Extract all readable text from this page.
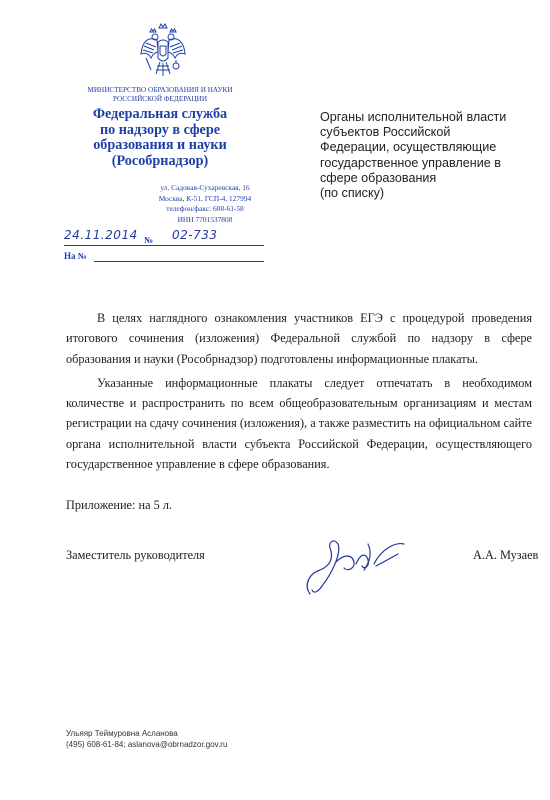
МИНИСТЕРСТВО ОБРАЗОВАНИЯ И НАУКИ
РОССИЙСКОЙ ФЕДЕРАЦИИ
Федеральная служба
по надзору в сфере
образования и науки
(Рособрнадзор)
ул. Садовая-Сухаревская, 16
Москва, К-51, ГСП-4, 127994
телефон/факс: 608-61-58
ИНН 7701537808
№
24.11.2014	02-733
На №
Органы исполнительной власти
субъектов Российской
Федерации, осуществляющие
государственное управление в
сфере образования
(по списку)

В целях наглядного ознакомления участников ЕГЭ с процедурой проведения итогового сочинения (изложения) Федеральной службой по надзору в сфере образования и науки (Рособрнадзор) подготовлены информационные плакаты.

Указанные информационные плакаты следует отпечатать в необходимом количестве и распространить по всем общеобразовательным организациям и местам регистрации на сдачу сочинения (изложения), а также разместить на официальном сайте органа исполнительной власти субъекта Российской Федерации, осуществляющего государственное управление в сфере образования.

Приложение: на 5 л.
Заместитель руководителя	А.А. Музаев
Ульяяр Теймуровна Асланова
(495) 608-61-84; aslanova@obrnadzor.gov.ru
